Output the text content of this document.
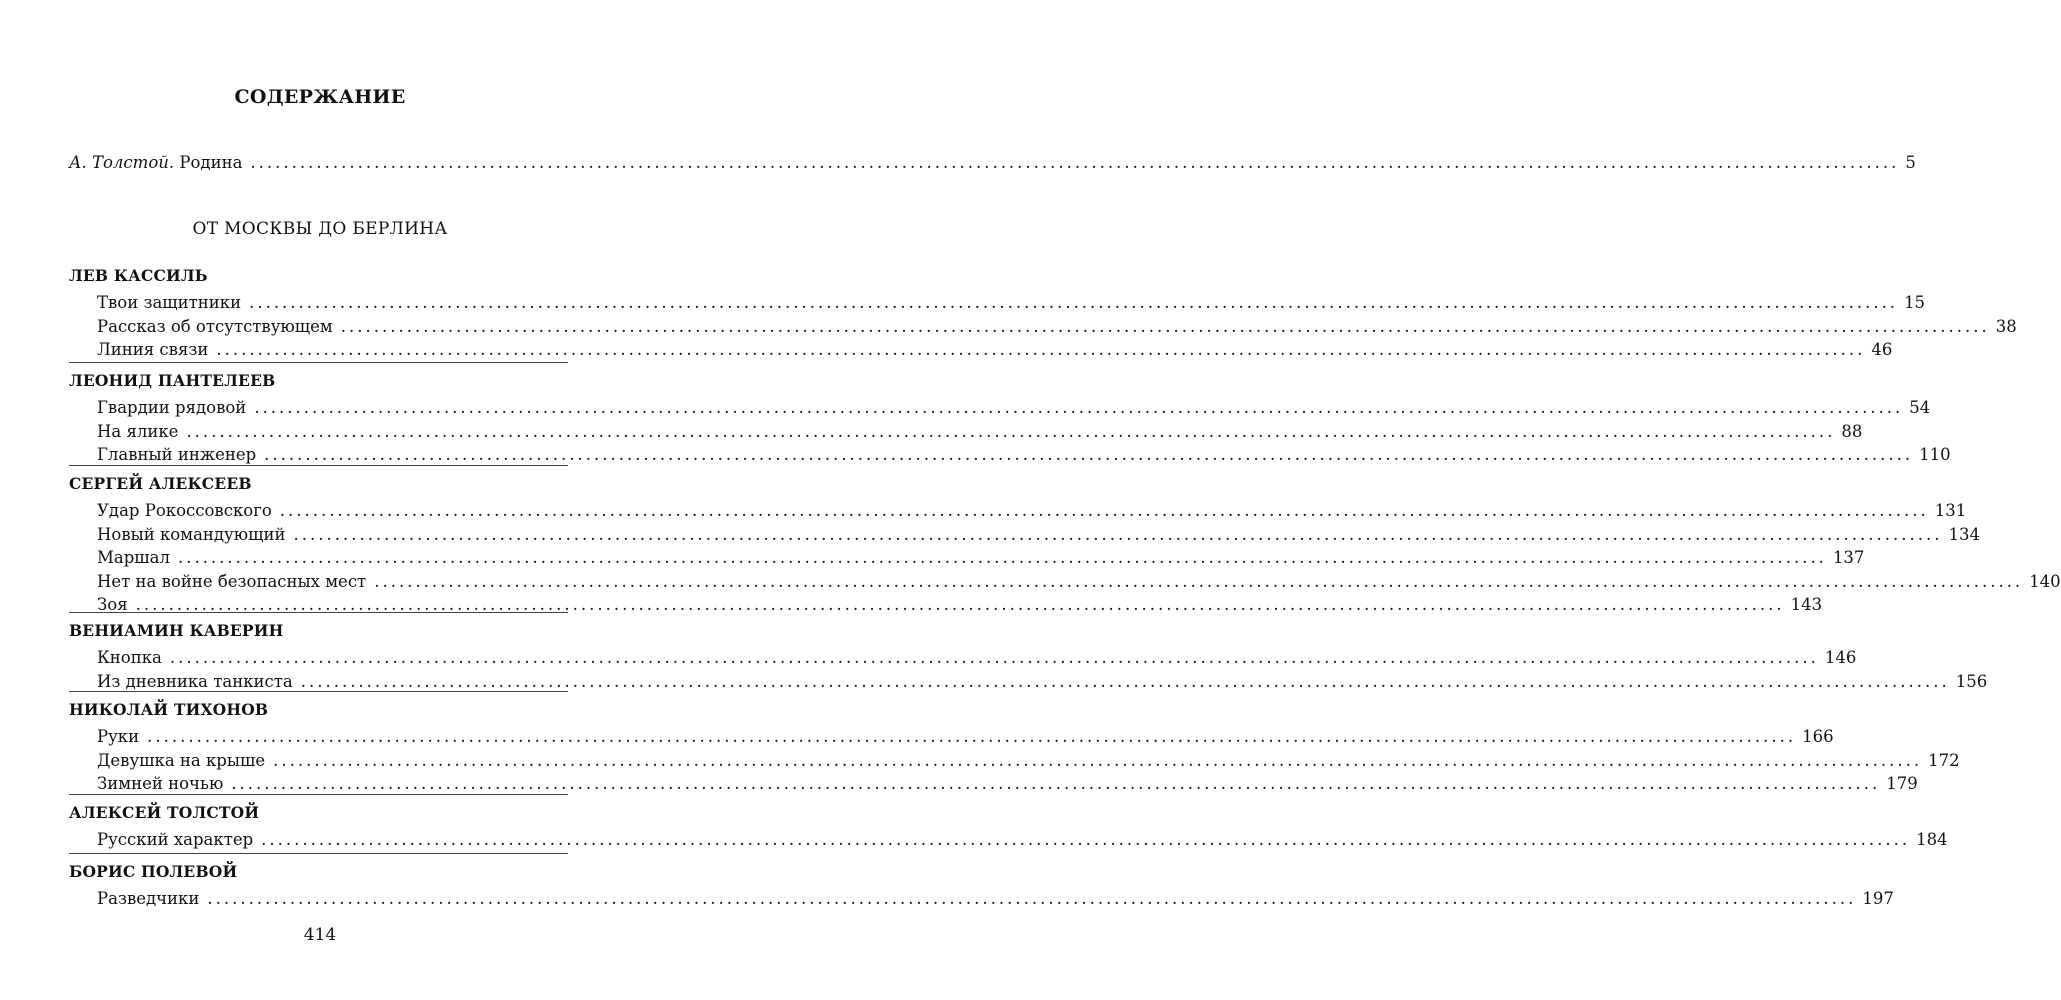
СОДЕРЖАНИЕ
А. Толстой. Родина ........................................................................................................................................................................................................ 5
ОТ МОСКВЫ ДО БЕРЛИНА
ЛЕВ КАССИЛЬ
Твои защитники ........................................................................................................................................................................................................ 15
Рассказ об отсутствующем ........................................................................................................................................................................................................ 38
Линия связи ........................................................................................................................................................................................................ 46
ЛЕОНИД ПАНТЕЛЕЕВ
Гвардии рядовой ........................................................................................................................................................................................................ 54
На ялике ........................................................................................................................................................................................................ 88
Главный инженер ........................................................................................................................................................................................................ 110
СЕРГЕЙ АЛЕКСЕЕВ
Удар Рокоссовского ........................................................................................................................................................................................................ 131
Новый командующий ........................................................................................................................................................................................................ 134
Маршал ........................................................................................................................................................................................................ 137
Нет на войне безопасных мест ........................................................................................................................................................................................................ 140
Зоя ........................................................................................................................................................................................................ 143
ВЕНИАМИН КАВЕРИН
Кнопка ........................................................................................................................................................................................................ 146
Из дневника танкиста ........................................................................................................................................................................................................ 156
НИКОЛАЙ ТИХОНОВ
Руки ........................................................................................................................................................................................................ 166
Девушка на крыше ........................................................................................................................................................................................................ 172
Зимней ночью ........................................................................................................................................................................................................ 179
АЛЕКСЕЙ ТОЛСТОЙ
Русский характер ........................................................................................................................................................................................................ 184
БОРИС ПОЛЕВОЙ
Разведчики ........................................................................................................................................................................................................ 197
414
